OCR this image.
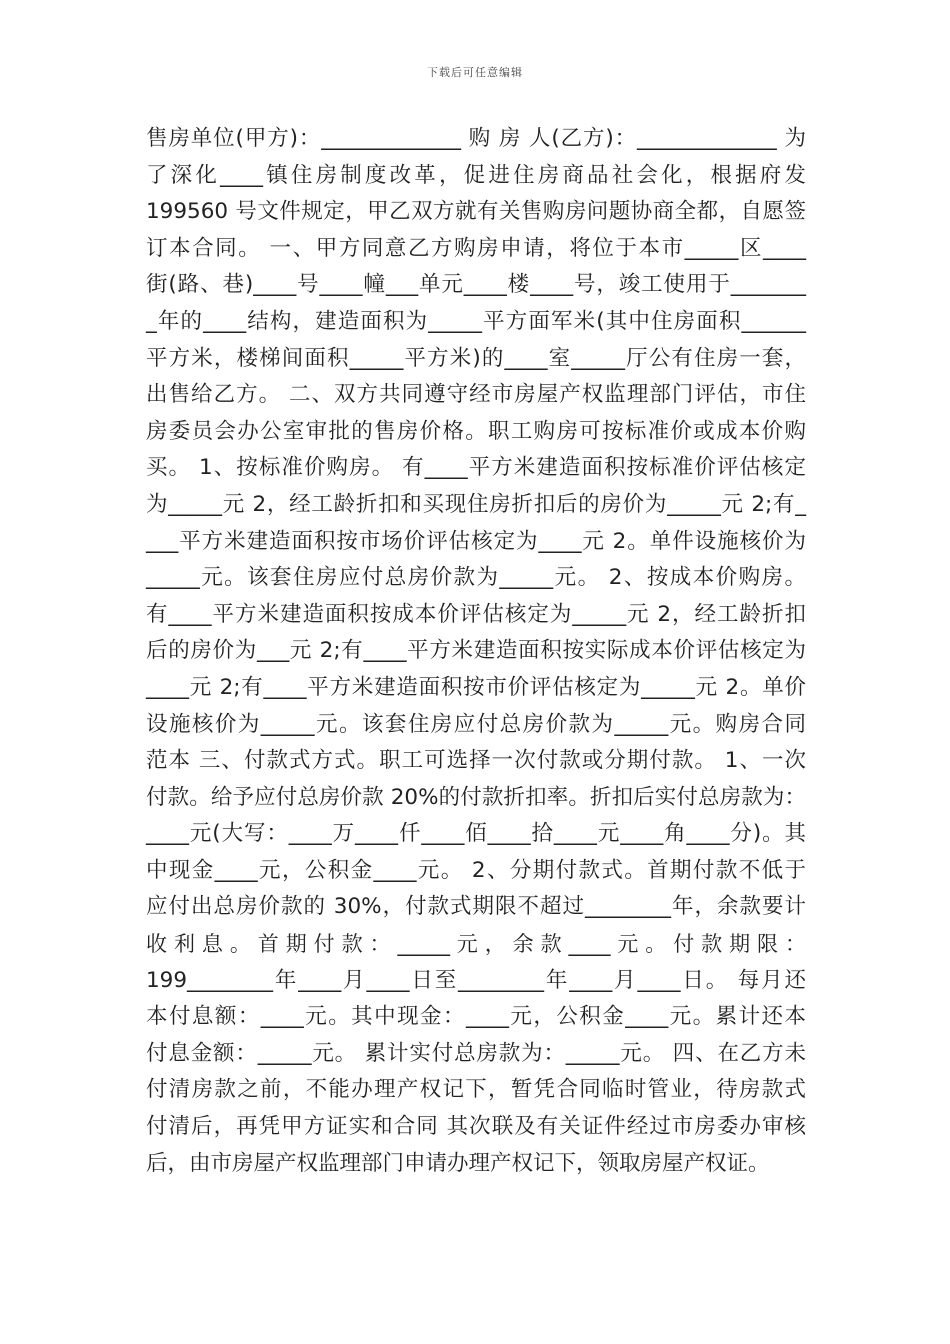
下载后可任意编辑
售房单位(甲方)：_____________ 购 房 人(乙方)：_____________ 为
了深化____镇住房制度改革，促进住房商品社会化，根据府发
199560 号文件规定，甲乙双方就有关售购房问题协商全都，自愿签
订本合同。 一、甲方同意乙方购房申请，将位于本市_____区____
街(路、巷)____号____幢___单元____楼____号，竣工使用于_______
_年的____结构，建造面积为_____平方面军米(其中住房面积______
平方米，楼梯间面积_____平方米)的____室_____厅公有住房一套，
出售给乙方。 二、双方共同遵守经市房屋产权监理部门评估，市住
房委员会办公室审批的售房价格。职工购房可按标准价或成本价购
买。 1、按标准价购房。 有____平方米建造面积按标准价评估核定
为_____元 2，经工龄折扣和买现住房折扣后的房价为_____元 2;有_
___平方米建造面积按市场价评估核定为____元 2。单件设施核价为
_____元。该套住房应付总房价款为_____元。 2、按成本价购房。
有____平方米建造面积按成本价评估核定为_____元 2，经工龄折扣
后的房价为___元 2;有____平方米建造面积按实际成本价评估核定为
____元 2;有____平方米建造面积按市价评估核定为_____元 2。单价
设施核价为_____元。该套住房应付总房价款为_____元。购房合同
范本 三、付款式方式。职工可选择一次付款或分期付款。 1、一次
付款。给予应付总房价款 20%的付款折扣率。折扣后实付总房款为：
____元(大写：____万____仟____佰____拾____元____角____分)。其
中现金____元，公积金____元。 2、分期付款式。首期付款不低于
应付出总房价款的 30%，付款式期限不超过________年，余款要计
收 利 息 。 首 期 付 款 ： _____ 元 ， 余 款 ____ 元 。 付 款 期 限 ：
199________年____月____日至________年____月____日。 每月还
本付息额：____元。其中现金：____元，公积金____元。累计还本
付息金额：_____元。 累计实付总房款为：_____元。 四、在乙方未
付清房款之前，不能办理产权记下，暂凭合同临时管业，待房款式
付清后，再凭甲方证实和合同 其次联及有关证件经过市房委办审核
后，由市房屋产权监理部门申请办理产权记下，领取房屋产权证。
